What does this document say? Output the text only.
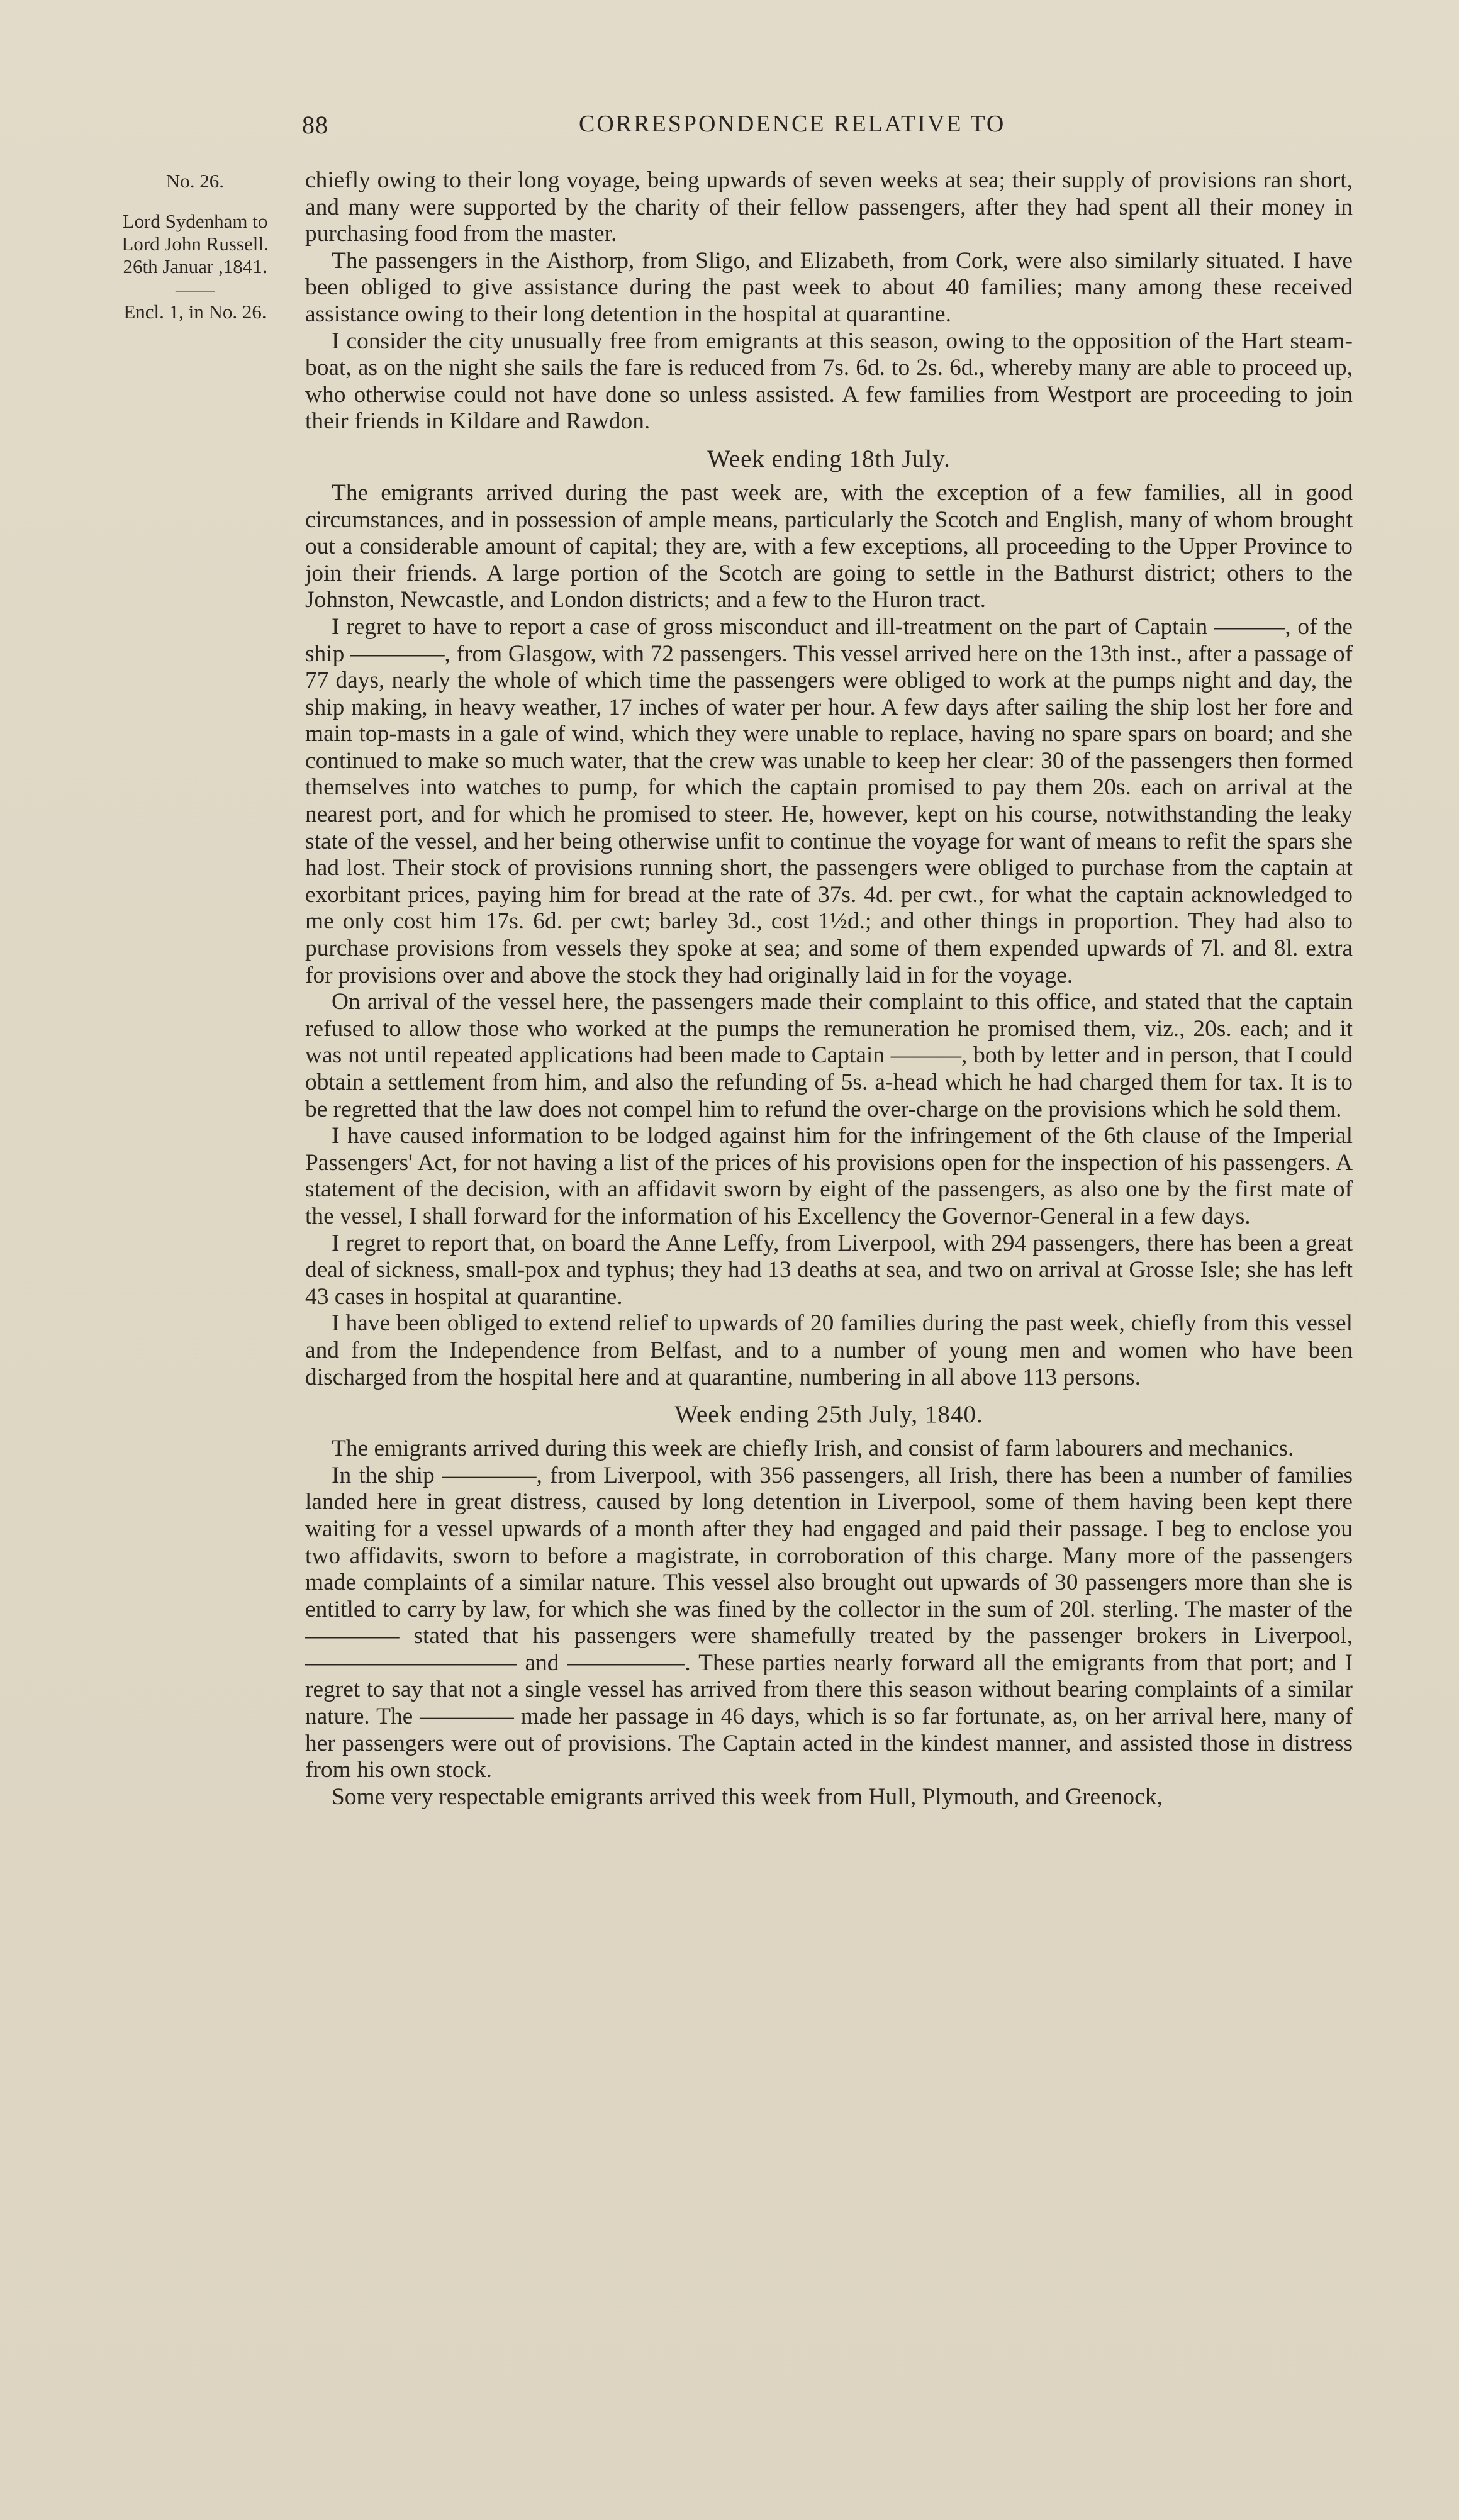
88	CORRESPONDENCE RELATIVE TO
No. 26.
Lord Sydenham to
Lord John Russell.
26th Januar ,1841.
——
Encl. 1, in No. 26.

chiefly owing to their long voyage, being upwards of seven weeks at sea; their supply of provisions ran short, and many were supported by the charity of their fellow passengers, after they had spent all their money in purchasing food from the master.

The passengers in the Aisthorp, from Sligo, and Elizabeth, from Cork, were also similarly situated. I have been obliged to give assistance during the past week to about 40 families; many among these received assistance owing to their long detention in the hospital at quarantine.

I consider the city unusually free from emigrants at this season, owing to the opposition of the Hart steam-boat, as on the night she sails the fare is reduced from 7s. 6d. to 2s. 6d., whereby many are able to proceed up, who otherwise could not have done so unless assisted. A few families from Westport are proceeding to join their friends in Kildare and Rawdon.

Week ending 18th July.

The emigrants arrived during the past week are, with the exception of a few families, all in good circumstances, and in possession of ample means, particularly the Scotch and English, many of whom brought out a considerable amount of capital; they are, with a few exceptions, all proceeding to the Upper Province to join their friends. A large portion of the Scotch are going to settle in the Bathurst district; others to the Johnston, Newcastle, and London districts; and a few to the Huron tract.

I regret to have to report a case of gross misconduct and ill-treatment on the part of Captain ———, of the ship ————, from Glasgow, with 72 passengers. This vessel arrived here on the 13th inst., after a passage of 77 days, nearly the whole of which time the passengers were obliged to work at the pumps night and day, the ship making, in heavy weather, 17 inches of water per hour. A few days after sailing the ship lost her fore and main top-masts in a gale of wind, which they were unable to replace, having no spare spars on board; and she continued to make so much water, that the crew was unable to keep her clear: 30 of the passengers then formed themselves into watches to pump, for which the captain promised to pay them 20s. each on arrival at the nearest port, and for which he promised to steer. He, however, kept on his course, notwithstanding the leaky state of the vessel, and her being otherwise unfit to continue the voyage for want of means to refit the spars she had lost. Their stock of provisions running short, the passengers were obliged to purchase from the captain at exorbitant prices, paying him for bread at the rate of 37s. 4d. per cwt., for what the captain acknowledged to me only cost him 17s. 6d. per cwt; barley 3d., cost 1½d.; and other things in proportion. They had also to purchase provisions from vessels they spoke at sea; and some of them expended upwards of 7l. and 8l. extra for provisions over and above the stock they had originally laid in for the voyage.

On arrival of the vessel here, the passengers made their complaint to this office, and stated that the captain refused to allow those who worked at the pumps the remuneration he promised them, viz., 20s. each; and it was not until repeated applications had been made to Captain ———, both by letter and in person, that I could obtain a settlement from him, and also the refunding of 5s. a-head which he had charged them for tax. It is to be regretted that the law does not compel him to refund the over-charge on the provisions which he sold them.

I have caused information to be lodged against him for the infringement of the 6th clause of the Imperial Passengers' Act, for not having a list of the prices of his provisions open for the inspection of his passengers. A statement of the decision, with an affidavit sworn by eight of the passengers, as also one by the first mate of the vessel, I shall forward for the information of his Excellency the Governor-General in a few days.

I regret to report that, on board the Anne Leffy, from Liverpool, with 294 passengers, there has been a great deal of sickness, small-pox and typhus; they had 13 deaths at sea, and two on arrival at Grosse Isle; she has left 43 cases in hospital at quarantine.

I have been obliged to extend relief to upwards of 20 families during the past week, chiefly from this vessel and from the Independence from Belfast, and to a number of young men and women who have been discharged from the hospital here and at quarantine, numbering in all above 113 persons.

Week ending 25th July, 1840.

The emigrants arrived during this week are chiefly Irish, and consist of farm labourers and mechanics.

In the ship ————, from Liverpool, with 356 passengers, all Irish, there has been a number of families landed here in great distress, caused by long detention in Liverpool, some of them having been kept there waiting for a vessel upwards of a month after they had engaged and paid their passage. I beg to enclose you two affidavits, sworn to before a magistrate, in corroboration of this charge. Many more of the passengers made complaints of a similar nature. This vessel also brought out upwards of 30 passengers more than she is entitled to carry by law, for which she was fined by the collector in the sum of 20l. sterling. The master of the ———— stated that his passengers were shamefully treated by the passenger brokers in Liverpool, ————————— and —————. These parties nearly forward all the emigrants from that port; and I regret to say that not a single vessel has arrived from there this season without bearing complaints of a similar nature. The ———— made her passage in 46 days, which is so far fortunate, as, on her arrival here, many of her passengers were out of provisions. The Captain acted in the kindest manner, and assisted those in distress from his own stock.

Some very respectable emigrants arrived this week from Hull, Plymouth, and Greenock,
